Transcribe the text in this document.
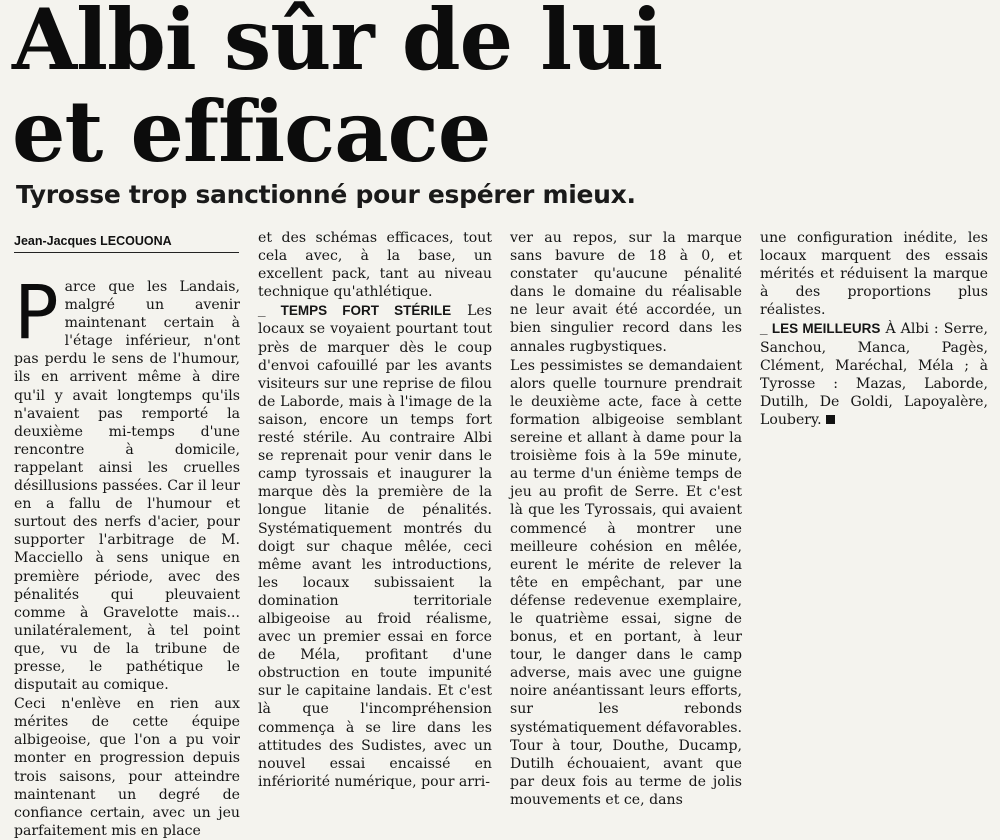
Albi sûr de lui
et efficace
Tyrosse trop sanctionné pour espérer mieux.
Jean-Jacques LECOUONA

Parce que les Landais, malgré un avenir maintenant certain à l'étage inférieur, n'ont pas perdu le sens de l'humour, ils en arrivent même à dire qu'il y avait longtemps qu'ils n'avaient pas remporté la deuxième mi-temps d'une rencontre à domicile, rappelant ainsi les cruelles désillusions passées. Car il leur en a fallu de l'humour et surtout des nerfs d'acier, pour supporter l'arbitrage de M. Macciello à sens unique en première période, avec des pénalités qui pleuvaient comme à Gravelotte mais... unilatéralement, à tel point que, vu de la tribune de presse, le pathétique le disputait au comique.

Ceci n'enlève en rien aux mérites de cette équipe albigeoise, que l'on a pu voir monter en progression depuis trois saisons, pour atteindre maintenant un degré de confiance certain, avec un jeu parfaitement mis en place

et des schémas efficaces, tout cela avec, à la base, un excellent pack, tant au niveau technique qu'athlétique.

_ TEMPS FORT STÉRILE Les locaux se voyaient pourtant tout près de marquer dès le coup d'envoi cafouillé par les avants visiteurs sur une reprise de filou de Laborde, mais à l'image de la saison, encore un temps fort resté stérile. Au contraire Albi se reprenait pour venir dans le camp tyrossais et inaugurer la marque dès la première de la longue litanie de pénalités. Systématiquement montrés du doigt sur chaque mêlée, ceci même avant les introductions, les locaux subissaient la domination territoriale albigeoise au froid réalisme, avec un premier essai en force de Méla, profitant d'une obstruction en toute impunité sur le capitaine landais. Et c'est là que l'incompréhension commença à se lire dans les attitudes des Sudistes, avec un nouvel essai encaissé en infériorité numérique, pour arri-

ver au repos, sur la marque sans bavure de 18 à 0, et constater qu'aucune pénalité dans le domaine du réalisable ne leur avait été accordée, un bien singulier record dans les annales rugbystiques.

Les pessimistes se demandaient alors quelle tournure prendrait le deuxième acte, face à cette formation albigeoise semblant sereine et allant à dame pour la troisième fois à la 59e minute, au terme d'un énième temps de jeu au profit de Serre. Et c'est là que les Tyrossais, qui avaient commencé à montrer une meilleure cohésion en mêlée, eurent le mérite de relever la tête en empêchant, par une défense redevenue exemplaire, le quatrième essai, signe de bonus, et en portant, à leur tour, le danger dans le camp adverse, mais avec une guigne noire anéantissant leurs efforts, sur les rebonds systématiquement défavorables. Tour à tour, Douthe, Ducamp, Dutilh échouaient, avant que par deux fois au terme de jolis mouvements et ce, dans

une configuration inédite, les locaux marquent des essais mérités et réduisent la marque à des proportions plus réalistes.

_ LES MEILLEURS À Albi : Serre, Sanchou, Manca, Pagès, Clément, Maréchal, Méla ; à Tyrosse : Mazas, Laborde, Dutilh, De Goldi, Lapoyalère, Loubery.
